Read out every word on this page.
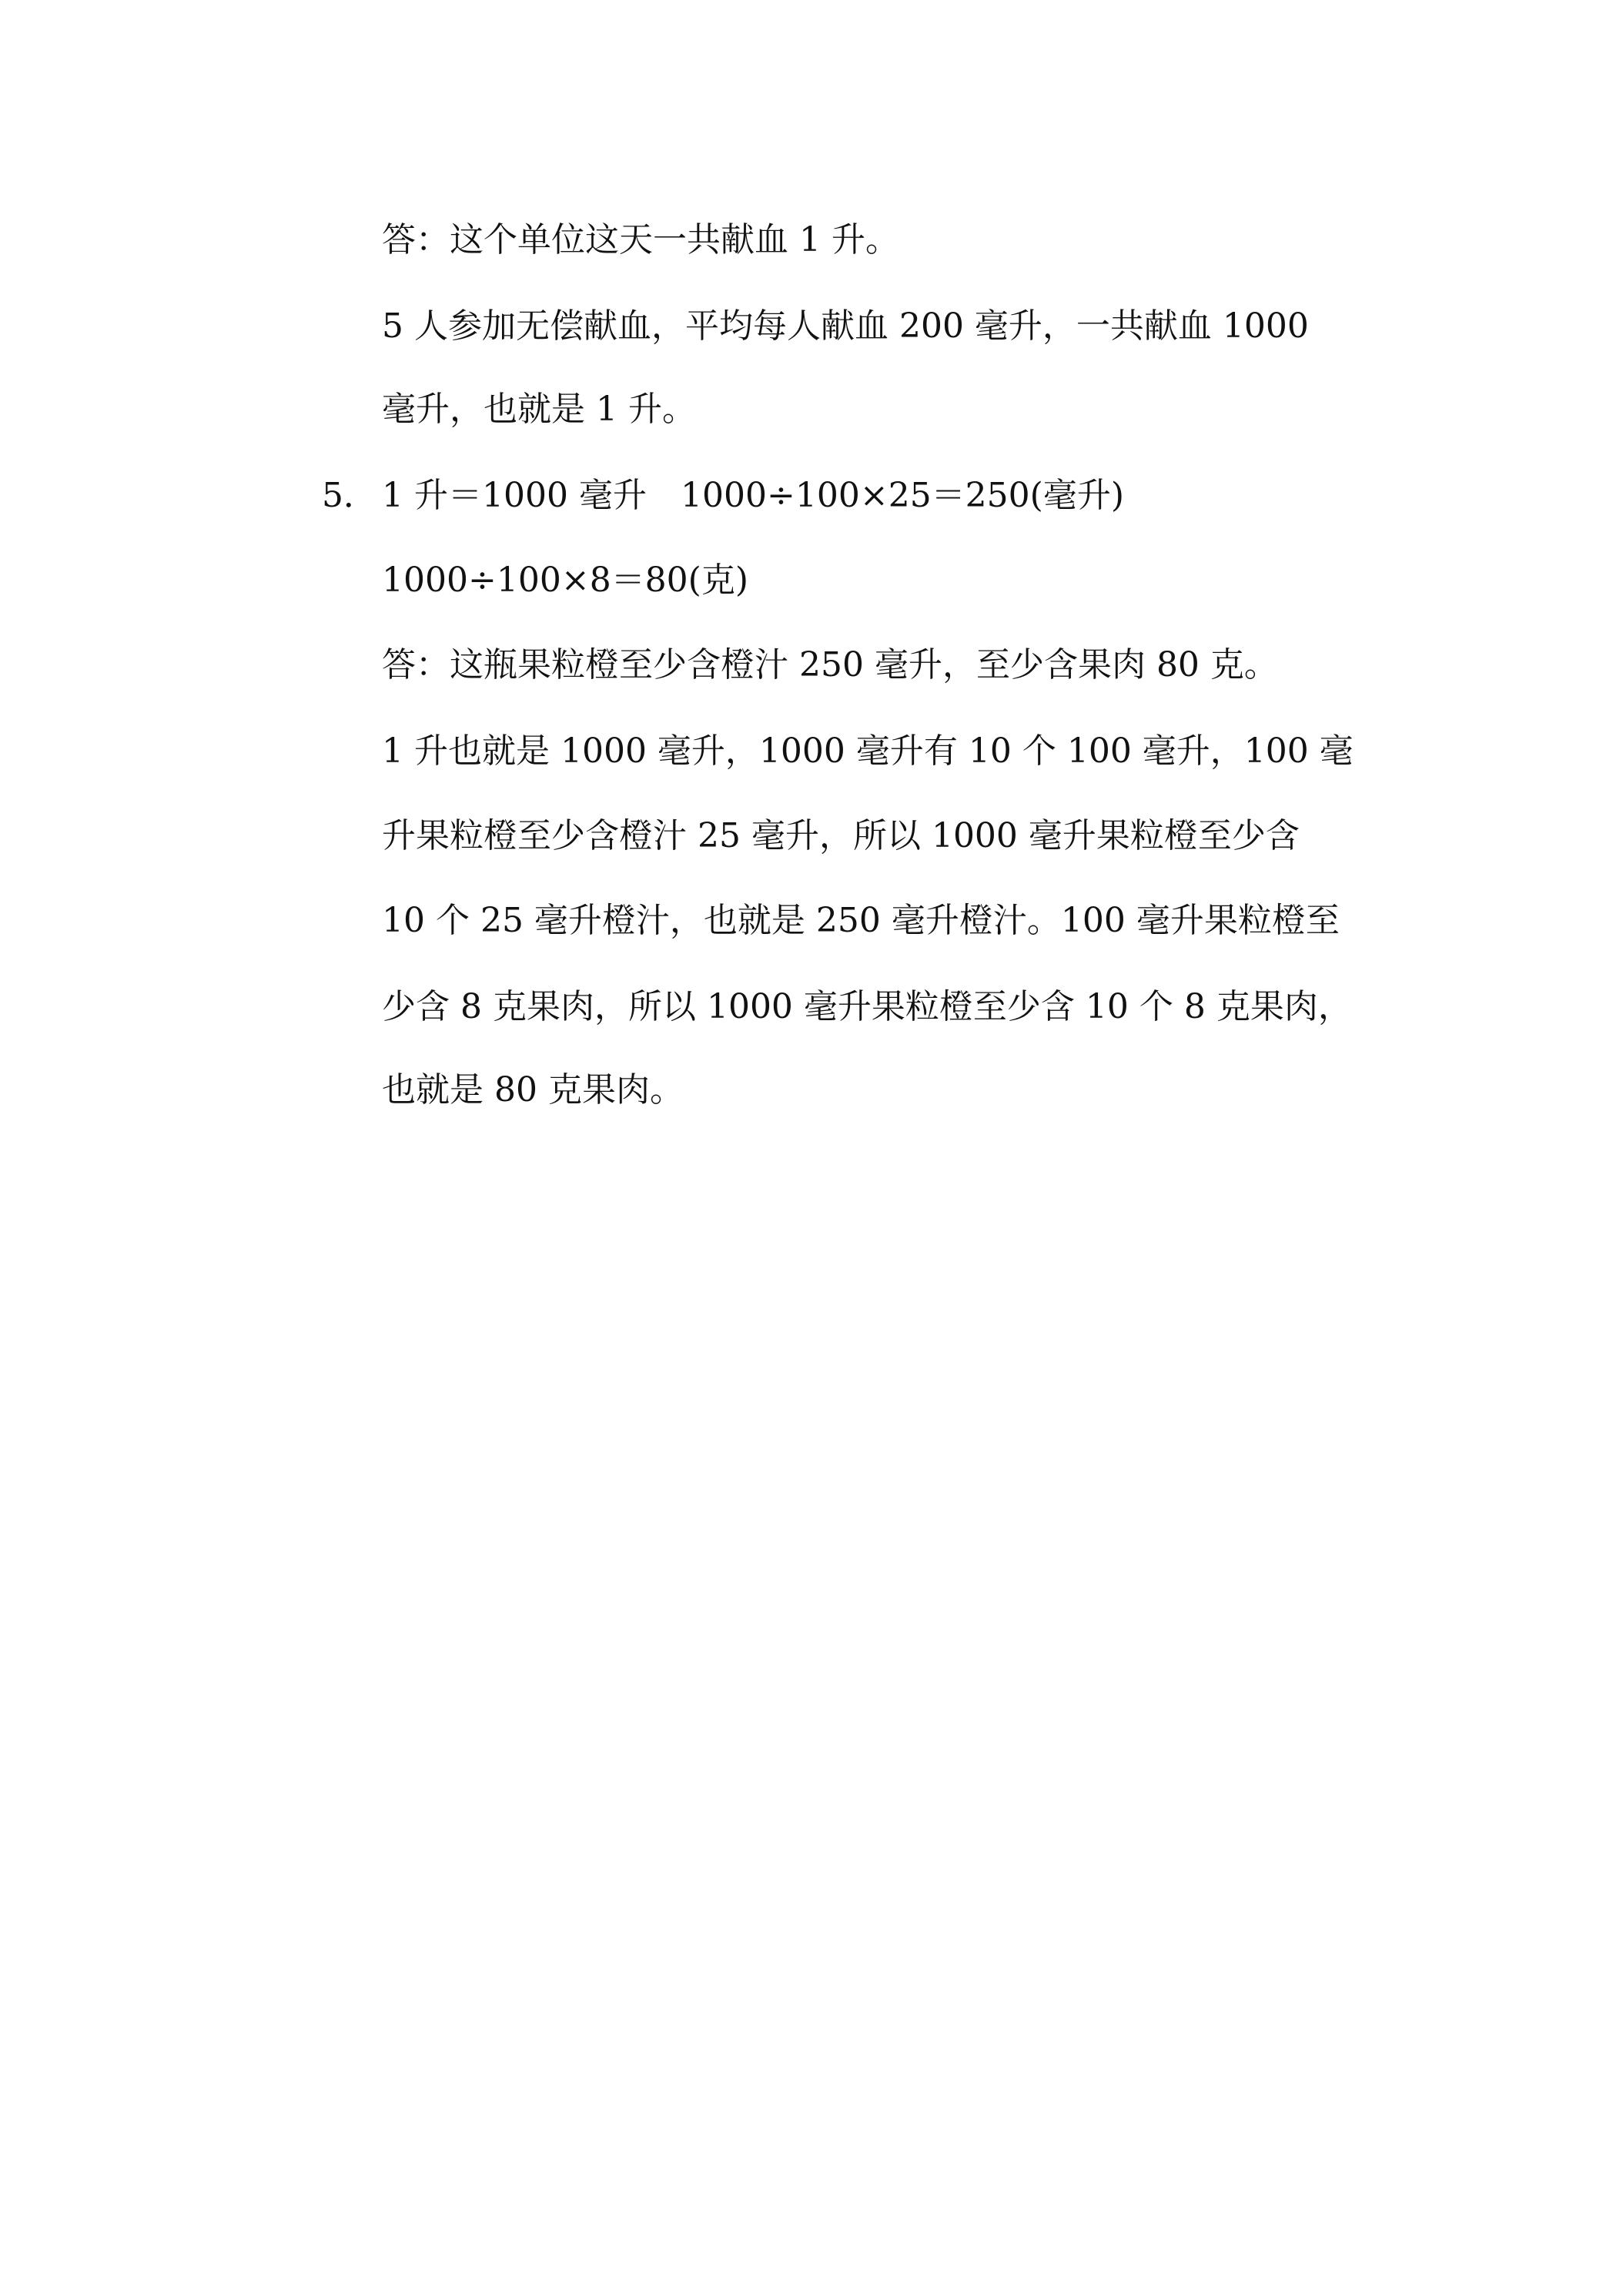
答：这个单位这天一共献血 1 升。
5 人参加无偿献血，平均每人献血 200 毫升，一共献血 1000
毫升，也就是 1 升。
5． 1 升＝1000 毫升 1000÷100×25＝250(毫升)
1000÷100×8＝80(克)
答：这瓶果粒橙至少含橙汁 250 毫升，至少含果肉 80 克。
1 升也就是 1000 毫升，1000 毫升有 10 个 100 毫升，100 毫
升果粒橙至少含橙汁 25 毫升，所以 1000 毫升果粒橙至少含
10 个 25 毫升橙汁，也就是 250 毫升橙汁。100 毫升果粒橙至
少含 8 克果肉，所以 1000 毫升果粒橙至少含 10 个 8 克果肉，
也就是 80 克果肉。
